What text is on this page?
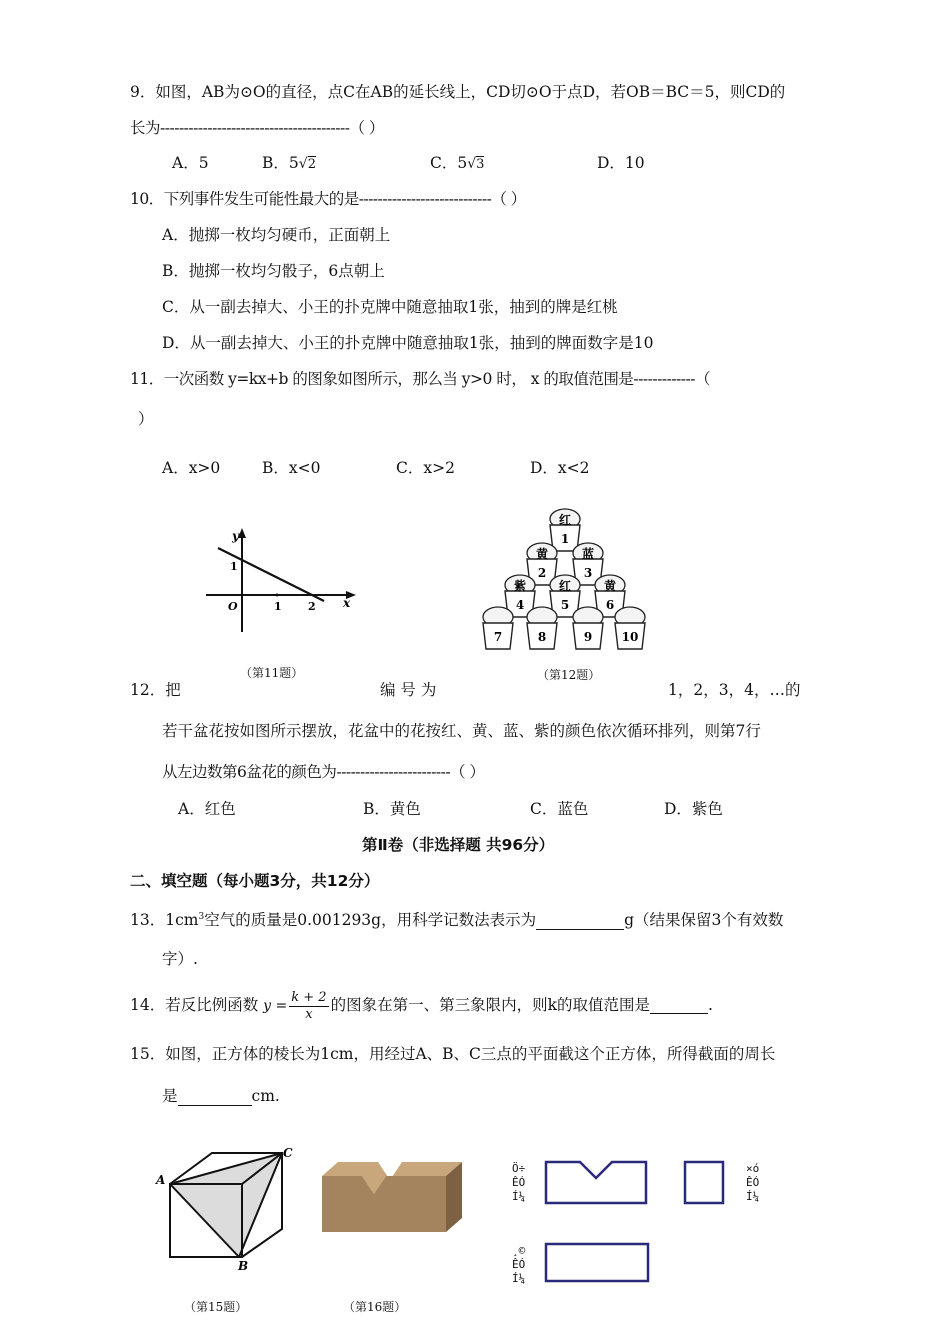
9．如图，AB为⊙O的直径，点C在AB的延长线上，CD切⊙O于点D，若OB＝BC＝5，则CD的
长为----------------------------------------（ ）
A．5	B．5√2	C．5√3	D．10
10．下列事件发生可能性最大的是----------------------------（ ）
A．抛掷一枚均匀硬币，正面朝上
B．抛掷一枚均匀骰子，6点朝上
C．从一副去掉大、小王的扑克牌中随意抽取1张，抽到的牌是红桃
D．从一副去掉大、小王的扑克牌中随意抽取1张，抽到的牌面数字是10
11．一次函数 y=kx+b 的图象如图所示，那么当 y>0 时， x 的取值范围是-------------（
）
A．x>0	B．x<0	C．x>2	D．x<2
y
x
O	1 2
1
（第11题）
1
红
2
黄
3
蓝
4
紫
5
红
6
黄
7	8	9 10
（第12题）
12．把	编 号 为	1，2，3，4，…的
若干盆花按如图所示摆放，花盆中的花按红、黄、蓝、紫的颜色依次循环排列，则第7行
从左边数第6盆花的颜色为------------------------（ ）
A．红色	B．黄色	C．蓝色	D．紫色
第Ⅱ卷（非选择题 共96分）
二、填空题（每小题3分，共12分）
13．$1cm^3$空气的质量是0.001293g，用科学记数法表示为	g（结果保留3个有效数
字）.
14．若反比例函数 $y = \frac{k + 2}{x}$ 的图象在第一、第三象限内，则k的取值范围是	.
15．如图，正方体的棱长为1cm，用经过A、B、C三点的平面截这个正方体，所得截面的周长
是	cm.
A
B
C
（第15题）	（第16题）
Ö÷
ÊÓ
Í¼
×ó
ÊÓ
Í¼
¸©
ÊÓ
Í¼
